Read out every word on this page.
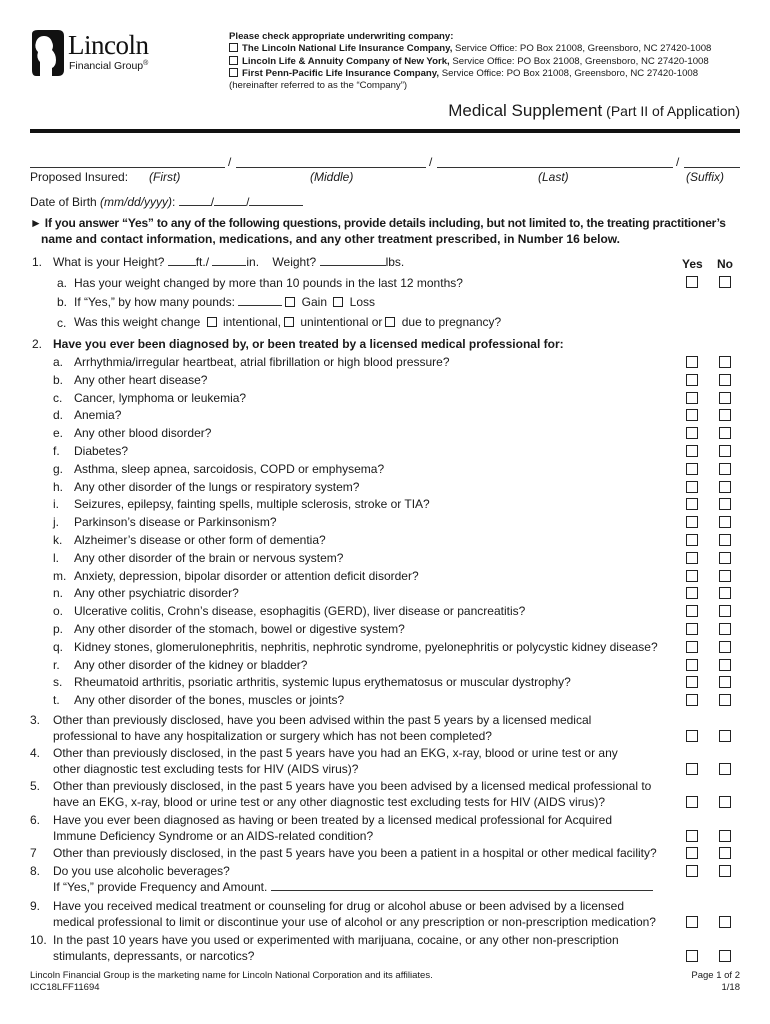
Lincoln
Financial Group®
Please check appropriate underwriting company:
The Lincoln National Life Insurance Company, Service Office: PO Box 21008, Greensboro, NC 27420-1008
Lincoln Life & Annuity Company of New York, Service Office: PO Box 21008, Greensboro, NC 27420-1008
First Penn-Pacific Life Insurance Company, Service Office: PO Box 21008, Greensboro, NC 27420-1008
(hereinafter referred to as the “Company”)
Medical Supplement (Part II of Application)
/	/	/
Proposed Insured: (First)	(Middle)	(Last)	(Suffix)
Date of Birth (mm/dd/yyyy):	/	/
► If you answer “Yes” to any of the following questions, provide details including, but not limited to, the treating practitioner’s
name and contact information, medications, and any other treatment prescribed, in Number 16 below.
Yes No
1. What is your Height? ft./	in. Weight?	lbs.
a. Has your weight changed by more than 10 pounds in the last 12 months?
b. If “Yes,” by how many pounds:	Gain  Loss
c. Was this weight change  intentional, unintentional or due to pregnancy?
2. Have you ever been diagnosed by, or been treated by a licensed medical professional for:
a. Arrhythmia/irregular heartbeat, atrial fibrillation or high blood pressure?
b. Any other heart disease?
c. Cancer, lymphoma or leukemia?
d. Anemia?
e. Any other blood disorder?
f. Diabetes?
g. Asthma, sleep apnea, sarcoidosis, COPD or emphysema?
h. Any other disorder of the lungs or respiratory system?
i. Seizures, epilepsy, fainting spells, multiple sclerosis, stroke or TIA?
j. Parkinson’s disease or Parkinsonism?
k. Alzheimer’s disease or other form of dementia?
l. Any other disorder of the brain or nervous system?
m. Anxiety, depression, bipolar disorder or attention deficit disorder?
n. Any other psychiatric disorder?
o. Ulcerative colitis, Crohn’s disease, esophagitis (GERD), liver disease or pancreatitis?
p. Any other disorder of the stomach, bowel or digestive system?
q. Kidney stones, glomerulonephritis, nephritis, nephrotic syndrome, pyelonephritis or polycystic kidney disease?
r. Any other disorder of the kidney or bladder?
s. Rheumatoid arthritis, psoriatic arthritis, systemic lupus erythematosus or muscular dystrophy?
t. Any other disorder of the bones, muscles or joints?
3. Other than previously disclosed, have you been advised within the past 5 years by a licensed medical
professional to have any hospitalization or surgery which has not been completed?
4. Other than previously disclosed, in the past 5 years have you had an EKG, x-ray, blood or urine test or any
other diagnostic test excluding tests for HIV (AIDS virus)?
5. Other than previously disclosed, in the past 5 years have you been advised by a licensed medical professional to
have an EKG, x-ray, blood or urine test or any other diagnostic test excluding tests for HIV (AIDS virus)?
6. Have you ever been diagnosed as having or been treated by a licensed medical professional for Acquired
Immune Deficiency Syndrome or an AIDS-related condition?
7 Other than previously disclosed, in the past 5 years have you been a patient in a hospital or other medical facility?
8. Do you use alcoholic beverages?
If “Yes,” provide Frequency and Amount.
9. Have you received medical treatment or counseling for drug or alcohol abuse or been advised by a licensed
medical professional to limit or discontinue your use of alcohol or any prescription or non-prescription medication?
10. In the past 10 years have you used or experimented with marijuana, cocaine, or any other non-prescription
stimulants, depressants, or narcotics?
Lincoln Financial Group is the marketing name for Lincoln National Corporation and its affiliates.
ICC18LFF11694
Page 1 of 2
1/18
